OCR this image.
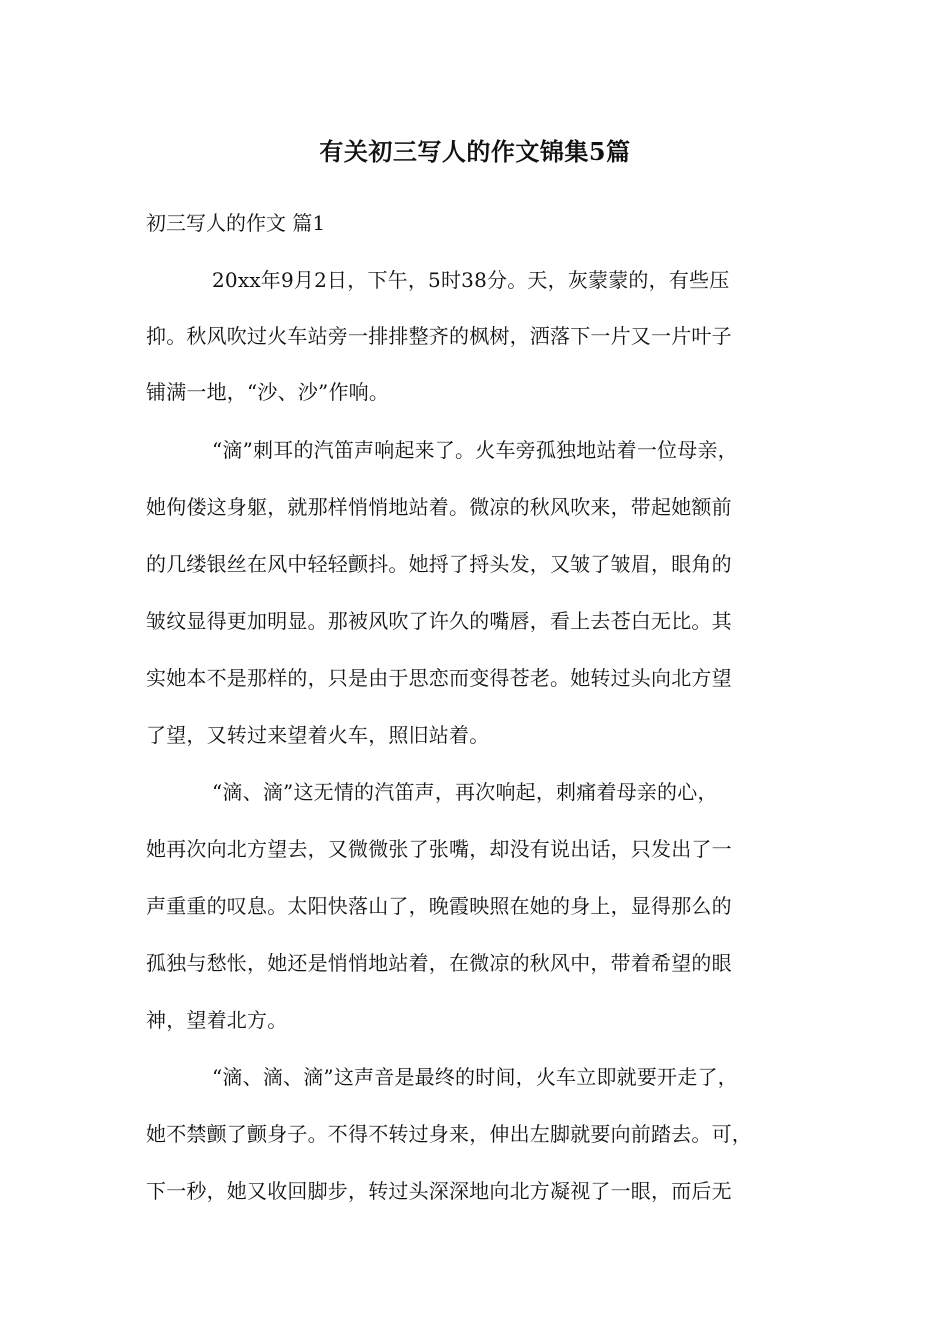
有关初三写人的作文锦集5篇
初三写人的作文 篇1

20xx年9月2日，下午，5时38分。天，灰蒙蒙的，有些压

抑。秋风吹过火车站旁一排排整齐的枫树，洒落下一片又一片叶子

铺满一地，“沙、沙”作响。

“滴”刺耳的汽笛声响起来了。火车旁孤独地站着一位母亲，

她佝偻这身躯，就那样悄悄地站着。微凉的秋风吹来，带起她额前

的几缕银丝在风中轻轻颤抖。她捋了捋头发，又皱了皱眉，眼角的

皱纹显得更加明显。那被风吹了许久的嘴唇，看上去苍白无比。其

实她本不是那样的，只是由于思恋而变得苍老。她转过头向北方望

了望，又转过来望着火车，照旧站着。

“滴、滴”这无情的汽笛声，再次响起，刺痛着母亲的心，

她再次向北方望去，又微微张了张嘴，却没有说出话，只发出了一

声重重的叹息。太阳快落山了，晚霞映照在她的身上，显得那么的

孤独与愁怅，她还是悄悄地站着，在微凉的秋风中，带着希望的眼

神，望着北方。

“滴、滴、滴”这声音是最终的时间，火车立即就要开走了，

她不禁颤了颤身子。不得不转过身来，伸出左脚就要向前踏去。可，

下一秒，她又收回脚步，转过头深深地向北方凝视了一眼，而后无
